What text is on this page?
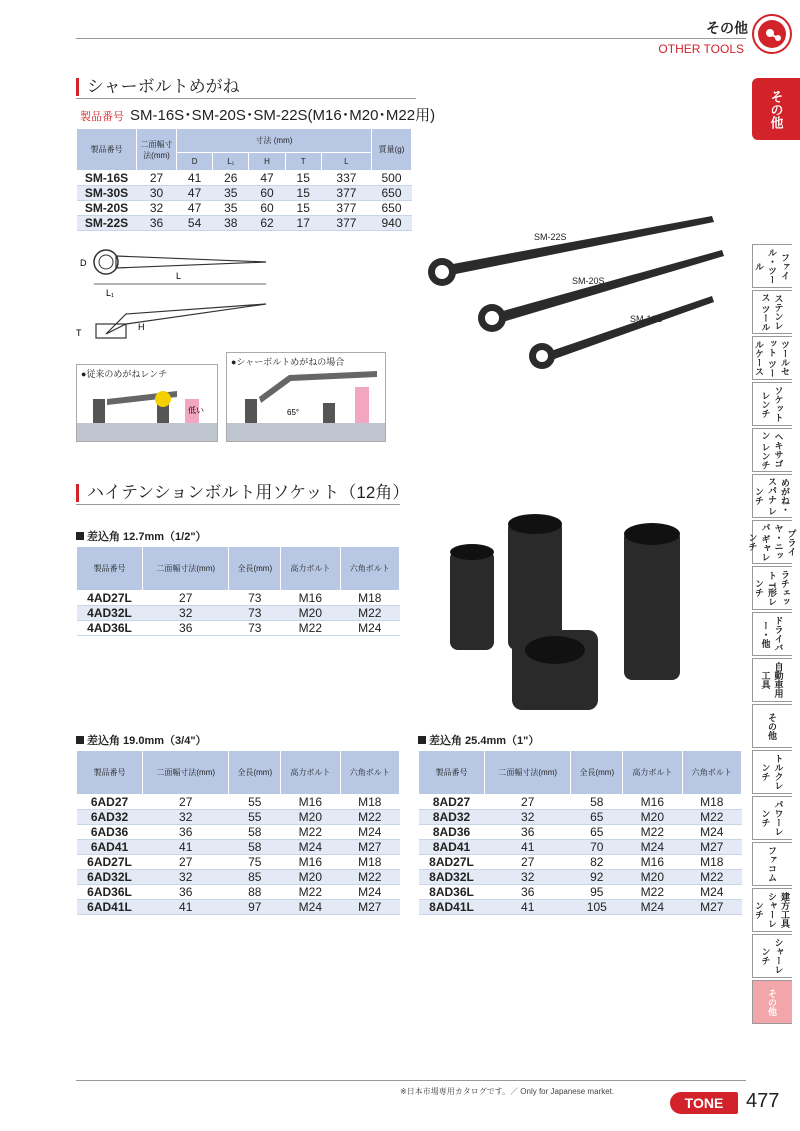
その他
OTHER TOOLS
その他
シャーボルトめがね
製品番号 SM-16S･SM-20S･SM-22S(M16･M20･M22用)
製品番号	二面幅寸法(mm)	寸法 (mm)					質量(g)
		D	L₁	H	T	L	
SM-16S	27	41	26	47	15	337	500
SM-30S	30	47	35	60	15	377	650
SM-20S	32	47	35	60	15	377	650
SM-22S	36	54	38	62	17	377	940
L
D
L₁
H
T
●従来のめがねレンチ
低い
●シャーボルトめがねの場合
65°
SM-22S
SM-20S
SM-16S
ハイテンションボルト用ソケット（12角）
差込角 12.7mm（1/2"）
製品番号	二面幅寸法(mm)	全長(mm)	高力ボルト	六角ボルト
4AD27L	27	73	M16	M18
4AD32L	32	73	M20	M22
4AD36L	36	73	M22	M24
差込角 19.0mm（3/4"）
製品番号	二面幅寸法(mm)	全長(mm)	高力ボルト	六角ボルト
6AD27	27	55	M16	M18
6AD32	32	55	M20	M22
6AD36	36	58	M22	M24
6AD41	41	58	M24	M27
6AD27L	27	75	M16	M18
6AD32L	32	85	M20	M22
6AD36L	36	88	M22	M24
6AD41L	41	97	M24	M27
差込角 25.4mm（1"）
製品番号	二面幅寸法(mm)	全長(mm)	高力ボルト	六角ボルト
8AD27	27	58	M16	M18
8AD32	32	65	M20	M22
8AD36	36	65	M22	M24
8AD41	41	70	M24	M27
8AD27L	27	82	M16	M18
8AD32L	32	92	M20	M22
8AD36L	36	95	M22	M24
8AD41L	41	105	M24	M27
ファイル・ツール
ステンレス ツール
ツールセット ツールケース
ソケットレンチ
ヘキサゴン レンチ
めがね・スパナ レンチ
プライヤ・ニッパ ギャレンチ
ラチェット T形レンチ
ドライバー・他
自動車用工具
その他
トルクレンチ
パワーレンチ
ファコム
建方工具 シャーレンチ
シャーレンチ
その他
※日本市場専用カタログです。／ Only for Japanese market.
TONE	477
